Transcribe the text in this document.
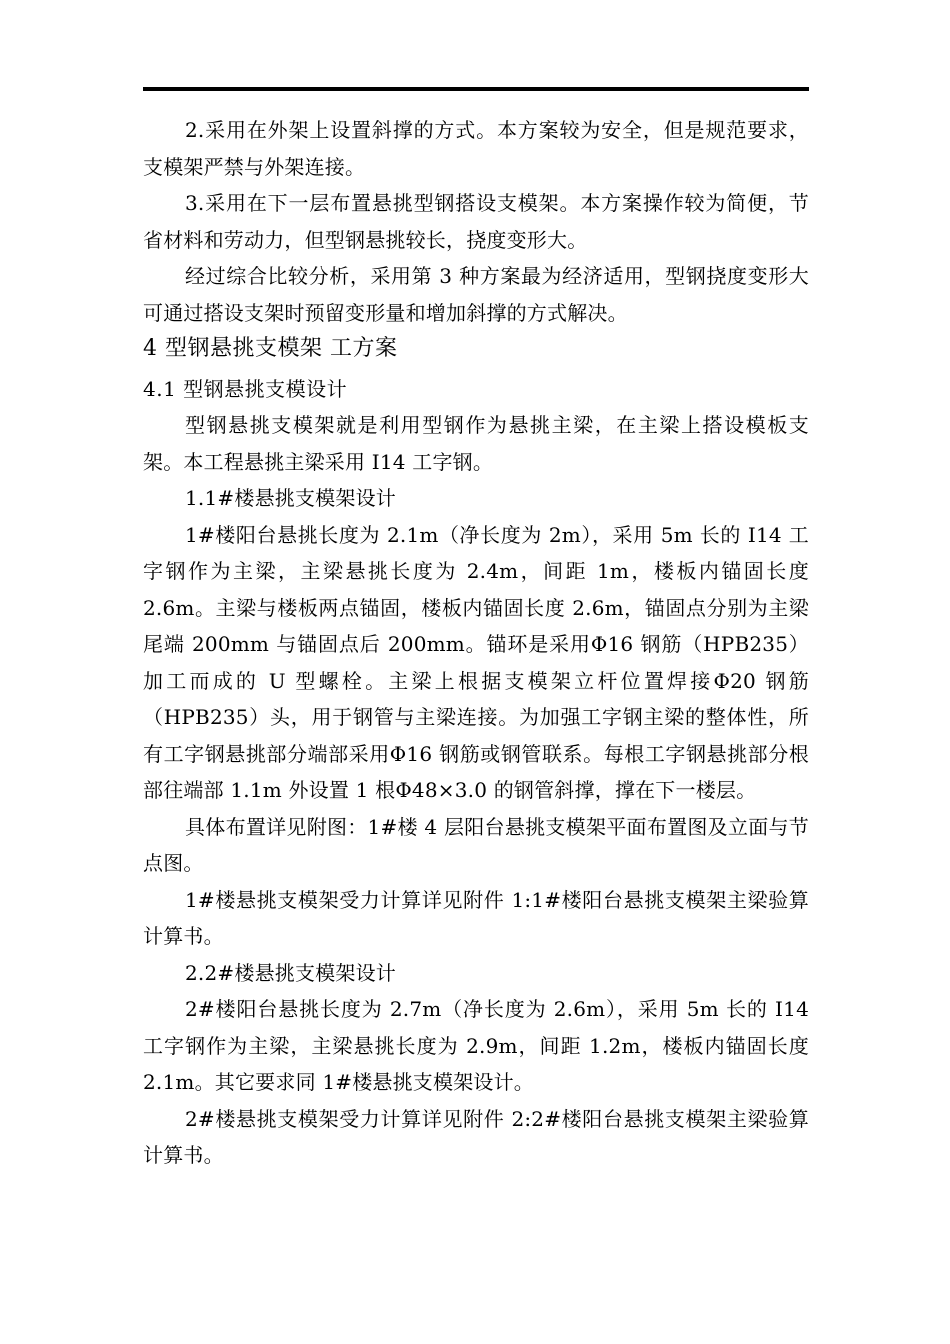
2.采用在外架上设置斜撑的方式。本方案较为安全，但是规范要求，支模架严禁与外架连接。

3.采用在下一层布置悬挑型钢搭设支模架。本方案操作较为简便，节省材料和劳动力，但型钢悬挑较长，挠度变形大。

经过综合比较分析，采用第 3 种方案最为经济适用，型钢挠度变形大可通过搭设支架时预留变形量和增加斜撑的方式解决。

4 型钢悬挑支模架 工方案

4.1 型钢悬挑支模设计

型钢悬挑支模架就是利用型钢作为悬挑主梁，在主梁上搭设模板支架。本工程悬挑主梁采用 I14 工字钢。

1.1#楼悬挑支模架设计

1#楼阳台悬挑长度为 2.1m（净长度为 2m），采用 5m 长的 I14 工字钢作为主梁，主梁悬挑长度为 2.4m，间距 1m，楼板内锚固长度 2.6m。主梁与楼板两点锚固，楼板内锚固长度 2.6m，锚固点分别为主梁尾端 200mm 与锚固点后 200mm。锚环是采用Φ16 钢筋（HPB235）加工而成的 U 型螺栓。主梁上根据支模架立杆位置焊接Φ20 钢筋（HPB235）头，用于钢管与主梁连接。为加强工字钢主梁的整体性，所有工字钢悬挑部分端部采用Φ16 钢筋或钢管联系。每根工字钢悬挑部分根部往端部 1.1m 外设置 1 根Φ48×3.0 的钢管斜撑，撑在下一楼层。

具体布置详见附图：1#楼 4 层阳台悬挑支模架平面布置图及立面与节点图。

1#楼悬挑支模架受力计算详见附件 1:1#楼阳台悬挑支模架主梁验算计算书。

2.2#楼悬挑支模架设计

2#楼阳台悬挑长度为 2.7m（净长度为 2.6m），采用 5m 长的 I14 工字钢作为主梁，主梁悬挑长度为 2.9m，间距 1.2m，楼板内锚固长度 2.1m。其它要求同 1#楼悬挑支模架设计。

2#楼悬挑支模架受力计算详见附件 2:2#楼阳台悬挑支模架主梁验算计算书。
